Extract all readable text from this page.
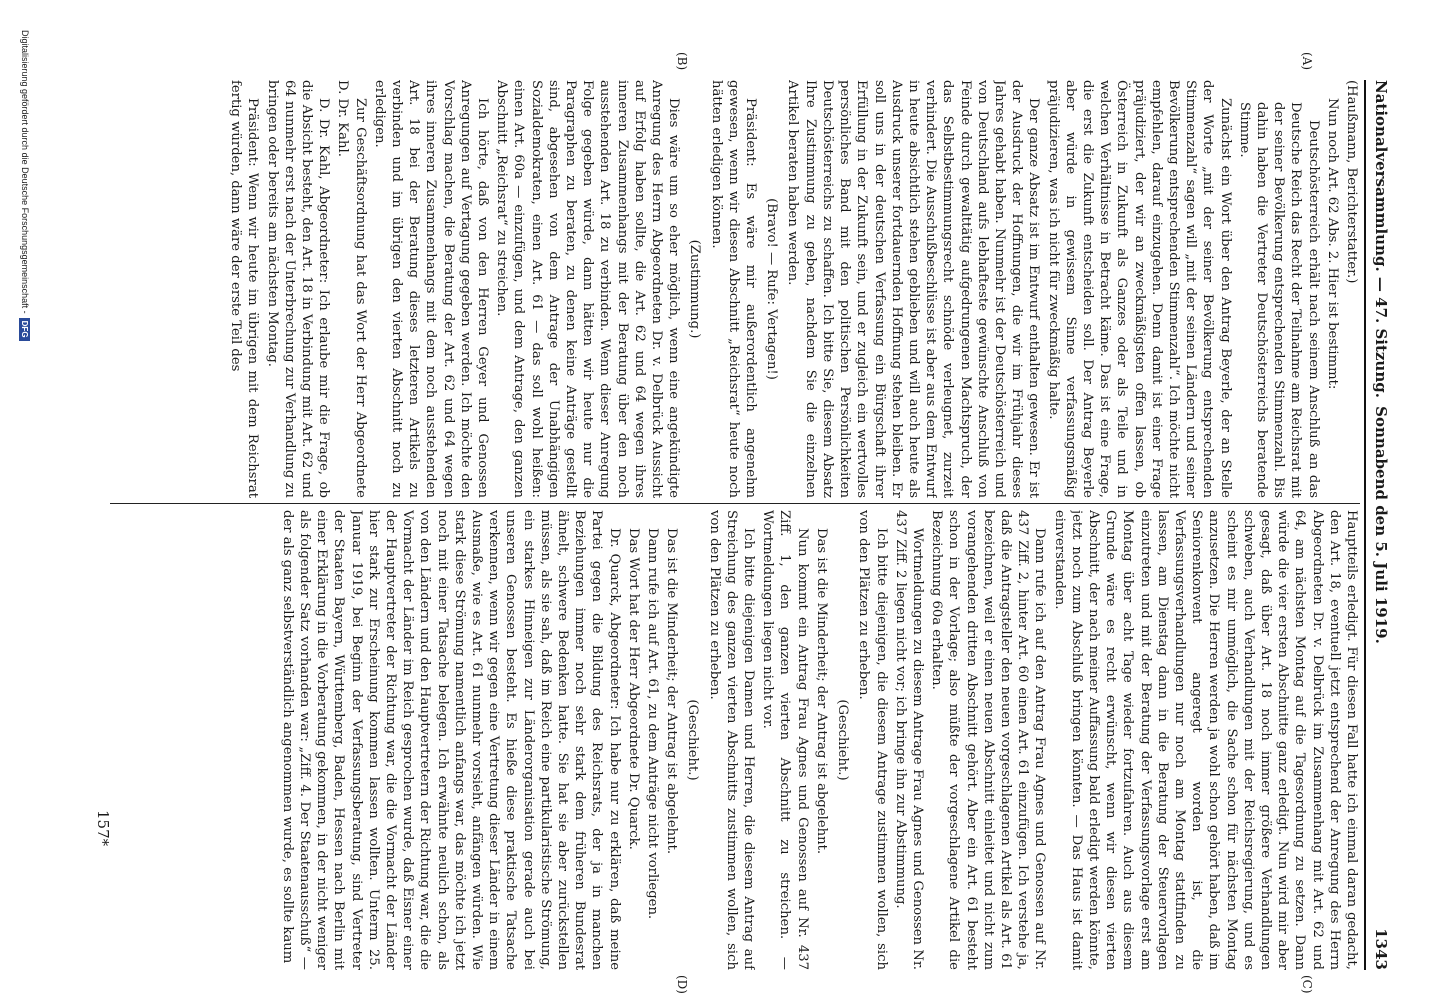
Nationalversammlung. — 47. Sitzung.
Sonnabend den 5. Juli 1919.
1343
(A)
(B)
(C)
(D)

(Haußmann, Berichterstatter.)

Nun noch Art. 62 Abs. 2. Hier ist bestimmt:

Deutschösterreich erhält nach seinem Anschluß an das Deutsche Reich das Recht der Teilnahme am Reichsrat mit der seiner Bevölkerung entsprechenden Stimmenzahl. Bis dahin haben die Vertreter Deutschösterreichs beratende Stimme.

Zunächst ein Wort über den Antrag Beyerle, der an Stelle der Worte „mit der seiner Bevölkerung entsprechenden Stimmenzahl“ sagen will „mit der seinen Ländern und seiner Bevölkerung entsprechenden Stimmenzahl“. Ich möchte nicht empfehlen, darauf einzugehen. Denn damit ist einer Frage präjudiziert, der wir an zweckmäßigsten offen lassen, ob Österreich in Zukunft als Ganzes oder als Teile und in welchen Verhältnisse in Betracht käme. Das ist eine Frage, die erst die Zukunft entscheiden soll. Der Antrag Beyerle aber würde in gewissem Sinne verfassungsmäßig präjudizieren, was ich nicht für zweckmäßig halte.

Der ganze Absatz ist im Entwurf enthalten gewesen. Er ist der Ausdruck der Hoffnungen, die wir im Frühjahr dieses Jahres gehabt haben. Nunmehr ist der Deutschösterreich und von Deutschland aufs lebhafteste gewünschte Anschluß von Feinde durch gewalttätig aufgedrungenen Machtspruch, der das Selbstbestimmungsrecht schnöde verleugnet, zurzeit verhindert. Die Ausschußbeschlüsse ist aber aus dem Entwurf in heute absichtlich stehen geblieben und will auch heute als Ausdruck unserer fortdauernden Hoffnung stehen bleiben. Er soll uns in der deutschen Verfassung ein Bürgschaft ihrer Erfüllung in der Zukunft sein, und er zugleich ein wertvolles persönliches Band mit den politischen Persönlichkeiten Deutschösterreichs zu schaffen. Ich bitte Sie, diesem Absatz Ihre Zustimmung zu geben, nachdem Sie die einzelnen Artikel beraten haben werden.

(Bravo! — Rufe: Vertagen!)

Präsident: Es wäre mir außerordentlich angenehm gewesen, wenn wir diesen Abschnitt „Reichsrat“ heute noch hätten erledigen können.

(Zustimmung.)

Dies wäre um so eher möglich, wenn eine angekündigte Anregung des Herrn Abgeordneten Dr. v. Delbrück Aussicht auf Erfolg haben sollte, die Art. 62 und 64 wegen ihres inneren Zusammenhangs mit der Beratung über den noch ausstehenden Art. 18 zu verbinden. Wenn dieser Anregung Folge gegeben würde, dann hätten wir heute nur die Paragraphen zu beraten, zu denen keine Anträge gestellt sind, abgesehen von dem Antrage der Unabhängigen Sozialdemokraten, einen Art. 61 — das soll wohl heißen: einen Art. 60a — einzufügen, und dem Antrage, den ganzen Abschnitt „Reichsrat“ zu streichen.

Ich hörte, daß von den Herren Geyer und Genossen Anregungen auf Vertagung gegeben werden. Ich möchte den Vorschlag machen, die Beratung der Art. 62 und 64 wegen ihres inneren Zusammenhangs mit dem noch ausstehenden Art. 18 bei der Beratung dieses letzteren Artikels zu verbinden und im übrigen den vierten Abschnitt noch zu erledigen.

Zur Geschäftsordnung hat das Wort der Herr Abgeordnete D. Dr. Kahl.

D. Dr. Kahl, Abgeordneter: Ich erlaube mir die Frage, ob die Absicht besteht, den Art. 18 in Verbindung mit Art. 62 und 64 nunmehr erst nach der Unterbrechung zur Verhandlung zu bringen oder bereits am nächsten Montag.

Präsident: Wenn wir heute im übrigen mit dem Reichsrat fertig würden, dann wäre der erste Teil des

Hauptteils erledigt. Für diesen Fall hatte ich einmal daran gedacht, den Art. 18, eventuell jetzt entsprechend der Anregung des Herrn Abgeordneten Dr. v. Delbrück im Zusammenhang mit Art. 62 und 64, am nächsten Montag auf die Tagesordnung zu setzen. Dann würde die vier ersten Abschnitte ganz erledigt. Nun wird mir aber gesagt, daß über Art. 18 noch immer größere Verhandlungen schweben, auch Verhandlungen mit der Reichsregierung, und es scheint es mir unmöglich, die Sache schon für nächsten Montag anzusetzen. Die Herren werden ja wohl schon gehört haben, daß im Seniorenkonvent angeregt worden ist, die Verfassungsverhandlungen nur noch am Montag stattfinden zu lassen, am Dienstag dann in die Beratung der Steuervorlagen einzutreten und mit der Beratung der Verfassungsvorlage erst am Montag über acht Tage wieder fortzufahren. Auch aus diesem Grunde wäre es recht erwünscht, wenn wir diesen vierten Abschnitt, der nach meiner Auffassung bald erledigt werden könnte, jetzt noch zum Abschluß bringen könnten. — Das Haus ist damit einverstanden.

Dann rufe ich auf den Antrag Frau Agnes und Genossen auf Nr. 437 Ziff. 2, hinter Art. 60 einen Art. 61 einzufügen. Ich verstehe ja, daß die Antragsteller den neuen vorgeschlagenen Artikel als Art. 61 bezeichnen, weil er einen neuen Abschnitt einleitet und nicht zum vorangehenden dritten Abschnitt gehört. Aber ein Art. 61 besteht schon in der Vorlage; also müßte der vorgeschlagene Artikel die Bezeichnung 60a erhalten.

Wortmeldungen zu diesem Antrage Frau Agnes und Genossen Nr. 437 Ziff. 2 liegen nicht vor; ich bringe ihn zur Abstimmung.

Ich bitte diejenigen, die diesem Antrage zustimmen wollen, sich von den Plätzen zu erheben.

(Geschieht.)

Das ist die Minderheit; der Antrag ist abgelehnt.

Nun kommt ein Antrag Frau Agnes und Genossen auf Nr. 437 Ziff. 1, den ganzen vierten Abschnitt zu streichen. — Wortmeldungen liegen nicht vor.

Ich bitte diejenigen Damen und Herren, die diesem Antrag auf Streichung des ganzen vierten Abschnitts zustimmen wollen, sich von den Plätzen zu erheben.

(Geschieht.)

Das ist die Minderheit; der Antrag ist abgelehnt.

Dann rufe ich auf Art. 61, zu dem Anträge nicht vorliegen.

Das Wort hat der Herr Abgeordnete Dr. Quarck.

Dr. Quarck, Abgeordneter: Ich habe nur zu erklären, daß meine Partei gegen die Bildung des Reichsrats, der ja in manchen Beziehungen immer noch sehr stark dem früheren Bundesrat ähnelt, schwere Bedenken hatte. Sie hat sie aber zurückstellen müssen, als sie sah, daß im Reich eine partikularistische Strömung, ein starkes Hinneigen zur Länderorganisation gerade auch bei unseren Genossen besteht. Es hieße diese praktische Tatsache verkennen, wenn wir gegen eine Vertretung dieser Länder in einem Ausmaße, wie es Art. 61 nunmehr vorsieht, anfängen würden. Wie stark diese Strömung namentlich anfangs war, das möchte ich jetzt noch mit einer Tatsache belegen. Ich erwähnte neulich schon, als von den Ländern und den Hauptvertretern der Richtung war, die die Vormacht der Länder im Reich gesprochen wurde, daß Eisner einer der Hauptvertreter der Richtung war, die die Vormacht der Länder hier stark zur Erscheinung kommen lassen wollten. Unterm 25. Januar 1919, bei Beginn der Verfassungsberatung, sind Vertreter der Staaten Bayern, Württemberg, Baden, Hessen nach Berlin mit einer Erklärung in die Vorberatung gekommen, in der nicht weniger als folgender Satz vorhanden war: „Ziff. 4. Der Staatenausschuß“ — der als ganz selbstverständlich angenommen wurde, es sollte kaum

157*
Digitalisierung gefördert durch die Deutsche Forschungsgemeinschaft -DFG
